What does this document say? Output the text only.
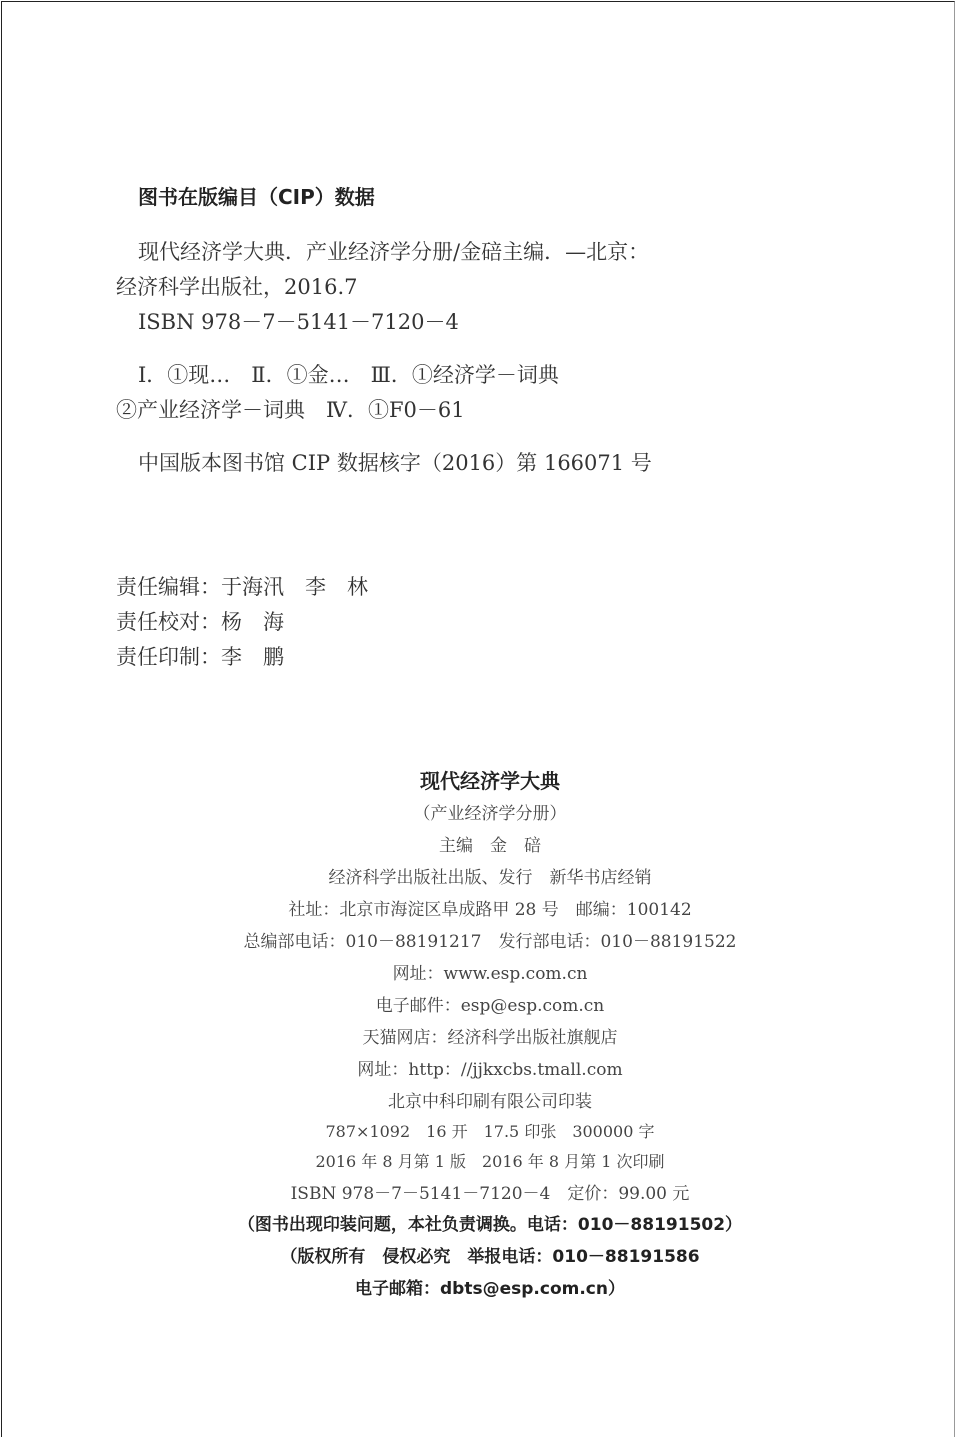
图书在版编目（CIP）数据
现代经济学大典．产业经济学分册/金碚主编．—北京：
经济科学出版社，2016.7
ISBN 978－7－5141－7120－4
Ⅰ．①现…　Ⅱ．①金…　Ⅲ．①经济学－词典
②产业经济学－词典　Ⅳ．①F0－61
中国版本图书馆 CIP 数据核字（2016）第 166071 号
责任编辑：于海汛　李　林
责任校对：杨　海
责任印制：李　鹏
现代经济学大典
（产业经济学分册）
主编　金　碚
经济科学出版社出版、发行　新华书店经销
社址：北京市海淀区阜成路甲 28 号　邮编：100142
总编部电话：010－88191217　发行部电话：010－88191522
网址：www.esp.com.cn
电子邮件：esp@esp.com.cn
天猫网店：经济科学出版社旗舰店
网址：http：//jjkxcbs.tmall.com
北京中科印刷有限公司印装
787×1092　16 开　17.5 印张　300000 字
2016 年 8 月第 1 版　2016 年 8 月第 1 次印刷
ISBN 978－7－5141－7120－4　定价：99.00 元
（图书出现印装问题，本社负责调换。电话：010－88191502）
（版权所有　侵权必究　举报电话：010－88191586
电子邮箱：dbts@esp.com.cn）
